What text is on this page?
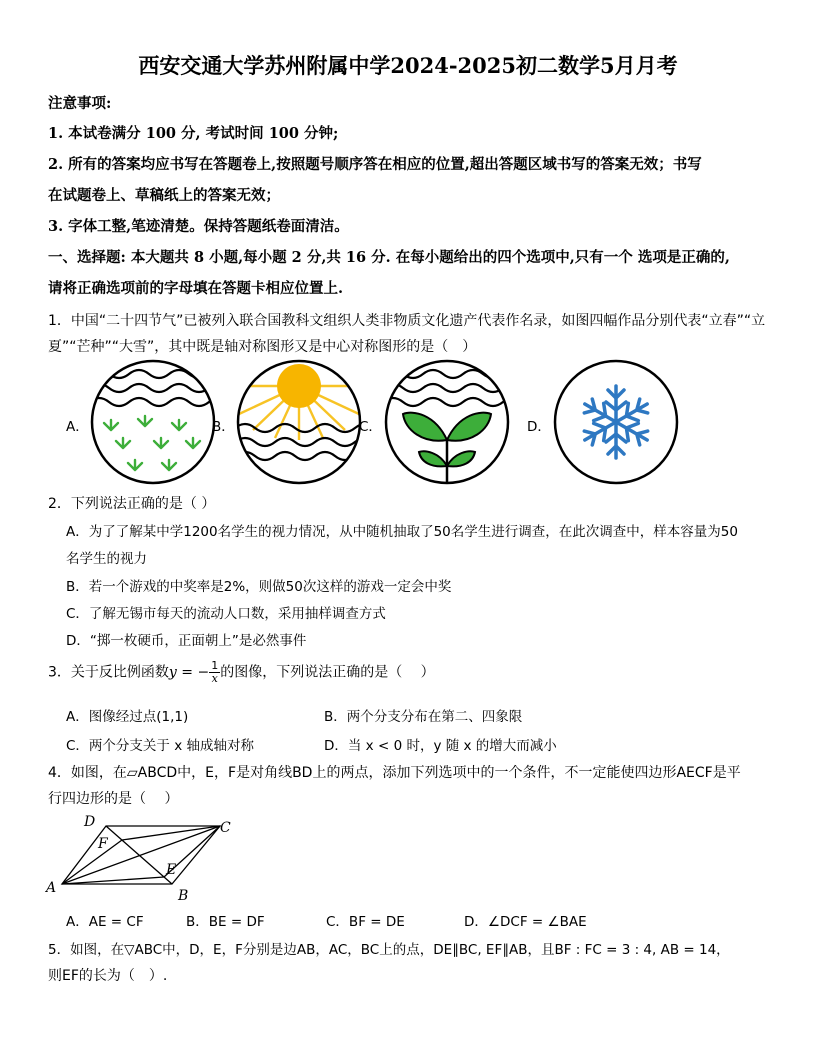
西安交通大学苏州附属中学2024-2025初二数学5月月考
注意事项:
1. 本试卷满分 100 分, 考试时间 100 分钟;
2. 所有的答案均应书写在答题卷上,按照题号顺序答在相应的位置,超出答题区域书写的答案无效；书写
在试题卷上、草稿纸上的答案无效；
3. 字体工整,笔迹清楚。保持答题纸卷面清洁。
一、选择题: 本大题共 8 小题,每小题 2 分,共 16 分. 在每小题给出的四个选项中,只有一个 选项是正确的,
请将正确选项前的字母填在答题卡相应位置上.
1．中国“二十四节气”已被列入联合国教科文组织人类非物质文化遗产代表作名录，如图四幅作品分别代表“立春”“立
夏”“芒种”“大雪”，其中既是轴对称图形又是中心对称图形的是（　）
A．	B．	C．	D．
2．下列说法正确的是（ ）
A．为了了解某中学1200名学生的视力情况，从中随机抽取了50名学生进行调查，在此次调查中，样本容量为50
名学生的视力
B．若一个游戏的中奖率是2%，则做50次这样的游戏一定会中奖
C．了解无锡市每天的流动人口数，采用抽样调查方式
D．“掷一枚硬币，正面朝上”是必然事件
3．关于反比例函数y = − $\frac{1}{x}$ 的图像，下列说法正确的是（　 ）
A．图像经过点(1,1)	B．两个分支分布在第二、四象限
C．两个分支关于 x 轴成轴对称	D．当 x < 0 时，y 随 x 的增大而减小
4．如图，在▱ABCD中，E，F是对角线BD上的两点，添加下列选项中的一个条件，不一定能使四边形AECF是平
行四边形的是（　 ）
A	B
C
D
E
F
A．AE = CF	B．BE = DF	C．BF = DE	D．∠DCF = ∠BAE
5．如图，在▽ABC中，D，E，F分别是边AB，AC，BC上的点，DE∥BC, EF∥AB，且BF : FC = 3 : 4, AB = 14，
则EF的长为（　）.
